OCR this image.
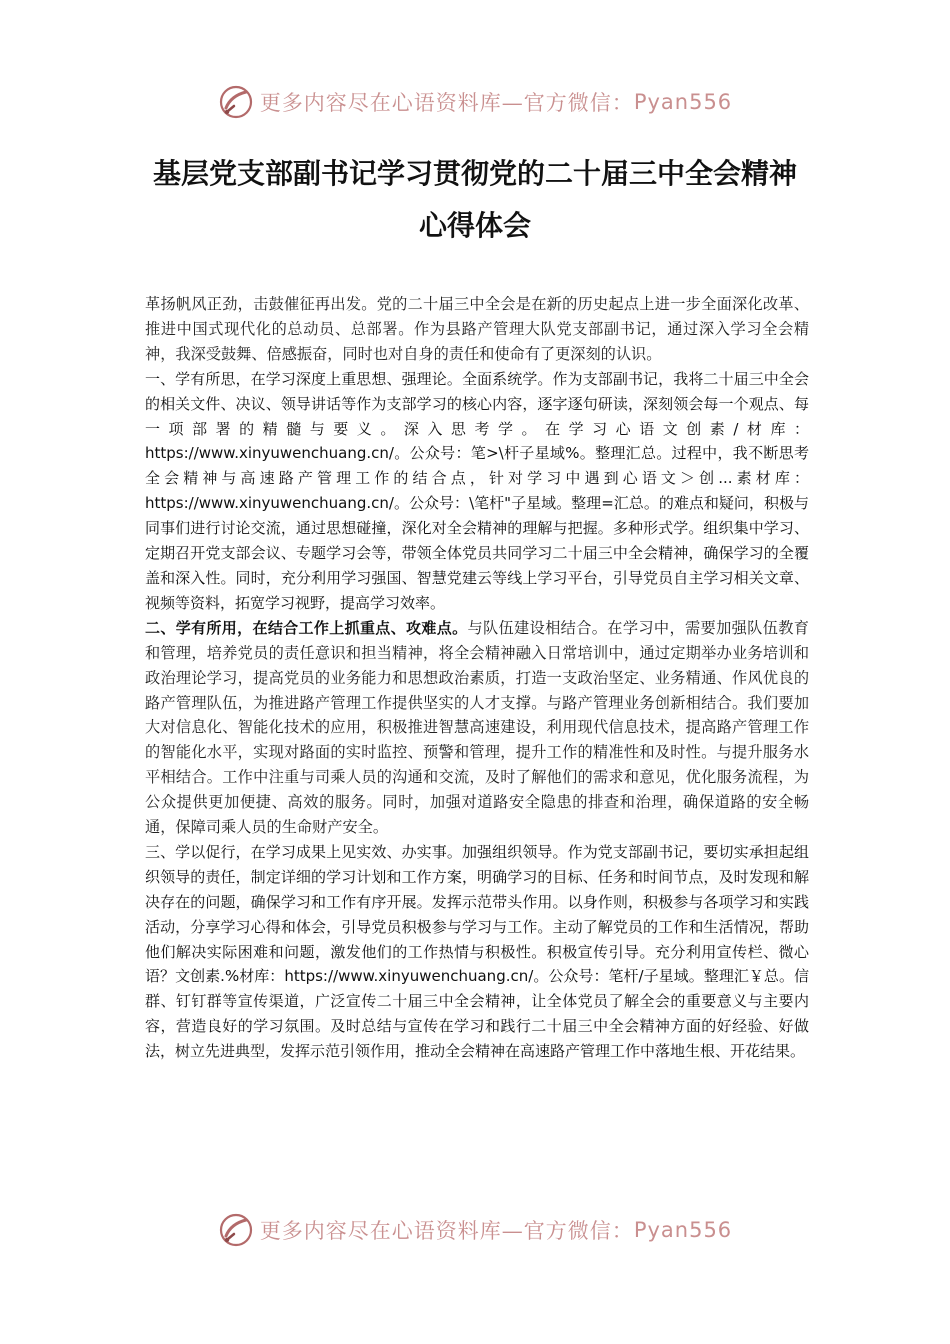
更多内容尽在心语资料库—官方微信： Pyan556
基层党支部副书记学习贯彻党的二十届三中全会精神
心得体会

革扬帆风正劲，击鼓催征再出发。党的二十届三中全会是在新的历史起点上进一步全面深化改革、推进中国式现代化的总动员、总部署。作为县路产管理大队党支部副书记，通过深入学习全会精神，我深受鼓舞、倍感振奋，同时也对自身的责任和使命有了更深刻的认识。

一、学有所思，在学习深度上重思想、强理论。全面系统学。作为支部副书记，我将二十届三中全会的相关文件、决议、领导讲话等作为支部学习的核心内容，逐字逐句研读，深刻领会每一个观点、每一项部署的精髓与要义。深入思考学。在学习心语文创素/材库：https://www.xinyuwenchuang.cn/。公众号：笔>\杆子星域%。整理汇总。过程中，我不断思考全会精神与高速路产管理工作的结合点，针对学习中遇到心语文＞创...素材库：https://www.xinyuwenchuang.cn/。公众号：\笔杆"子星域。整理=汇总。的难点和疑问，积极与同事们进行讨论交流，通过思想碰撞，深化对全会精神的理解与把握。多种形式学。组织集中学习、定期召开党支部会议、专题学习会等，带领全体党员共同学习二十届三中全会精神，确保学习的全覆盖和深入性。同时，充分利用学习强国、智慧党建云等线上学习平台，引导党员自主学习相关文章、视频等资料，拓宽学习视野，提高学习效率。

二、学有所用，在结合工作上抓重点、攻难点。与队伍建设相结合。在学习中，需要加强队伍教育和管理，培养党员的责任意识和担当精神，将全会精神融入日常培训中，通过定期举办业务培训和政治理论学习，提高党员的业务能力和思想政治素质，打造一支政治坚定、业务精通、作风优良的路产管理队伍，为推进路产管理工作提供坚实的人才支撑。与路产管理业务创新相结合。我们要加大对信息化、智能化技术的应用，积极推进智慧高速建设，利用现代信息技术，提高路产管理工作的智能化水平，实现对路面的实时监控、预警和管理，提升工作的精准性和及时性。与提升服务水平相结合。工作中注重与司乘人员的沟通和交流，及时了解他们的需求和意见，优化服务流程，为公众提供更加便捷、高效的服务。同时，加强对道路安全隐患的排查和治理，确保道路的安全畅通，保障司乘人员的生命财产安全。

三、学以促行，在学习成果上见实效、办实事。加强组织领导。作为党支部副书记，要切实承担起组织领导的责任，制定详细的学习计划和工作方案，明确学习的目标、任务和时间节点，及时发现和解决存在的问题，确保学习和工作有序开展。发挥示范带头作用。以身作则，积极参与各项学习和实践活动，分享学习心得和体会，引导党员积极参与学习与工作。主动了解党员的工作和生活情况，帮助他们解决实际困难和问题，激发他们的工作热情与积极性。积极宣传引导。充分利用宣传栏、微心语？文创素.%材库：https://www.xinyuwenchuang.cn/。公众号：笔杆/子星域。整理汇￥总。信群、钉钉群等宣传渠道，广泛宣传二十届三中全会精神，让全体党员了解全会的重要意义与主要内容，营造良好的学习氛围。及时总结与宣传在学习和践行二十届三中全会精神方面的好经验、好做法，树立先进典型，发挥示范引领作用，推动全会精神在高速路产管理工作中落地生根、开花结果。

更多内容尽在心语资料库—官方微信： Pyan556
